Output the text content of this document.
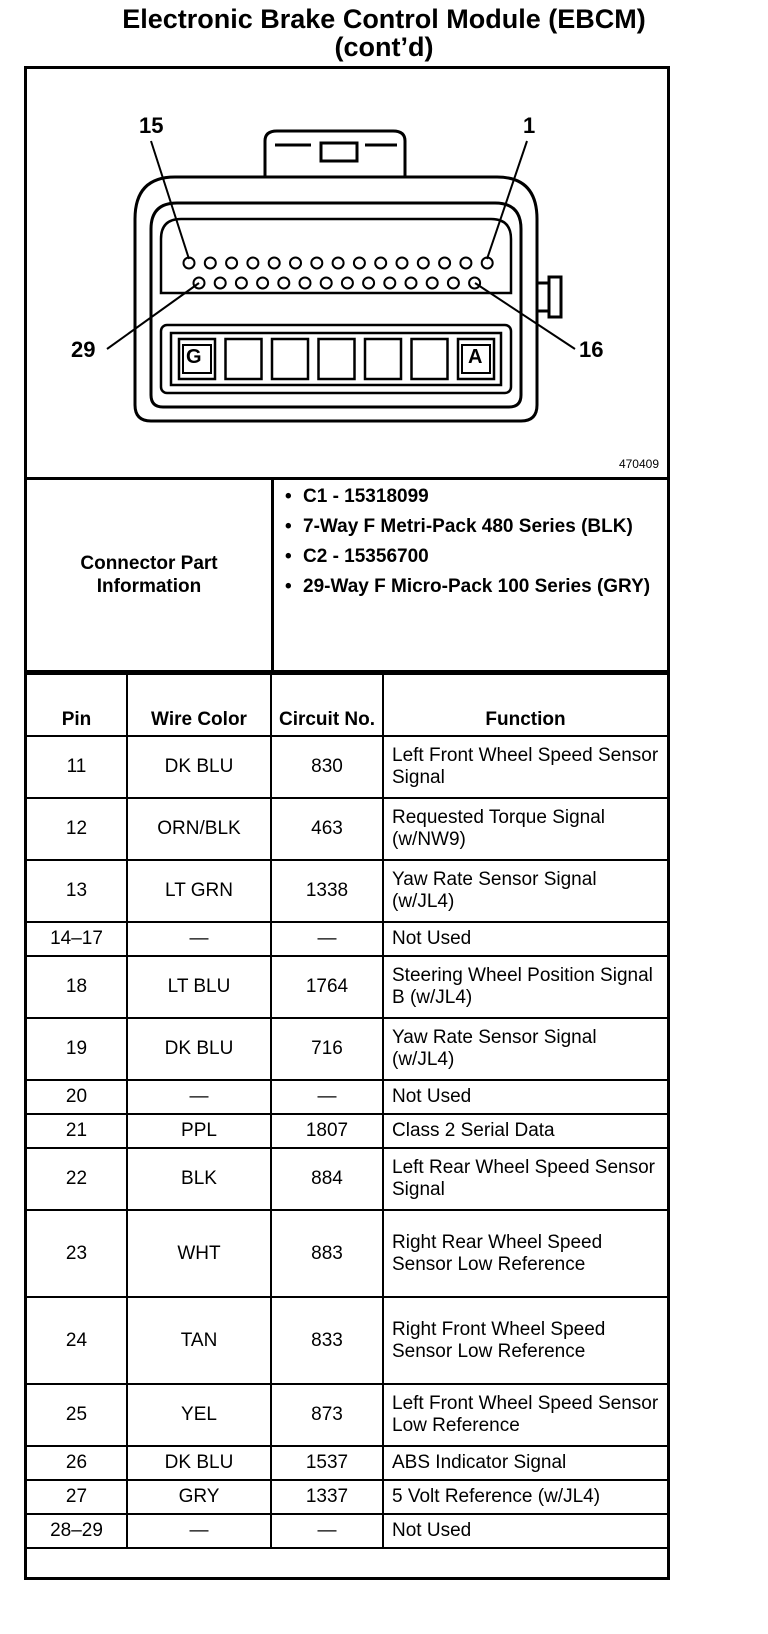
Electronic Brake Control Module (EBCM)
(cont’d)
15	1
29	16
G	A
470409
Connector Part
Information
• C1 - 15318099
• 7-Way F Metri-Pack 480 Series (BLK)
• C2 - 15356700
• 29-Way F Micro-Pack 100 Series (GRY)
Pin	Wire Color	Circuit No.	Function
11	DK BLU	830	Left Front Wheel Speed Sensor Signal
12	ORN/BLK	463	Requested Torque Signal (w/NW9)
13	LT GRN	1338	Yaw Rate Sensor Signal (w/JL4)
14–17	—	—	Not Used
18	LT BLU	1764	Steering Wheel Position Signal B (w/JL4)
19	DK BLU	716	Yaw Rate Sensor Signal (w/JL4)
20	—	—	Not Used
21	PPL	1807	Class 2 Serial Data
22	BLK	884	Left Rear Wheel Speed Sensor Signal
23	WHT	883	Right Rear Wheel Speed Sensor Low Reference
24	TAN	833	Right Front Wheel Speed Sensor Low Reference
25	YEL	873	Left Front Wheel Speed Sensor Low Reference
26	DK BLU	1537	ABS Indicator Signal
27	GRY	1337	5 Volt Reference (w/JL4)
28–29	—	—	Not Used
